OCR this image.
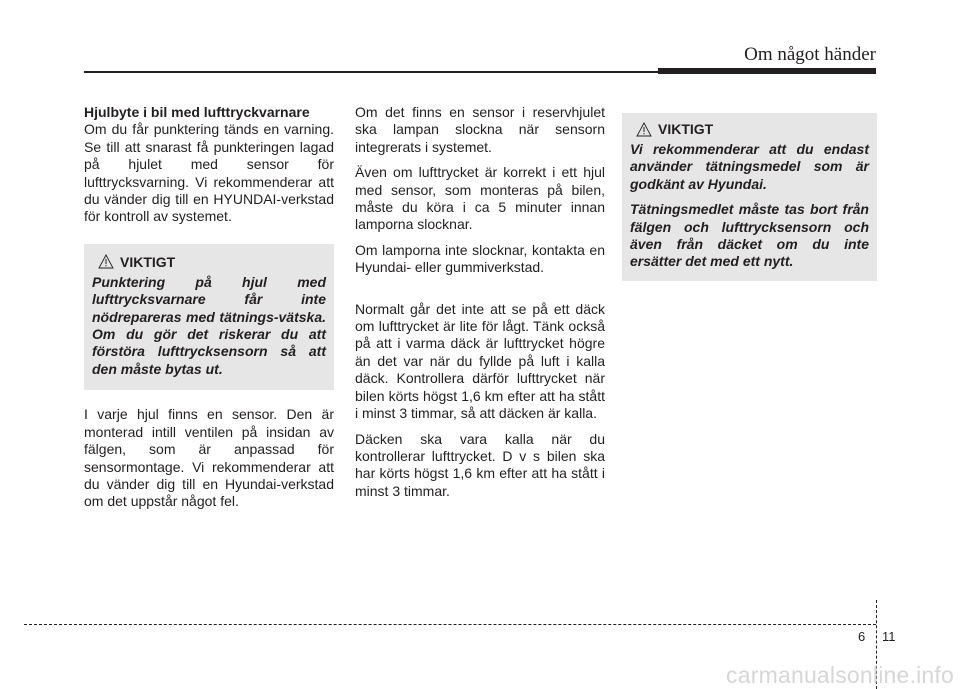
Om något händer

Hjulbyte i bil med lufttryckvarnare

Om du får punktering tänds en varning. Se till att snarast få punkteringen lagad på hjulet med sensor för lufttrycksvarning. Vi rekommenderar att du vänder dig till en HYUNDAI-verkstad för kontroll av systemet.

VIKTIGT

Punktering på hjul med lufttrycksvarnare får inte nödrepareras med tätnings-vätska. Om du gör det riskerar du att förstöra lufttrycksensorn så att den måste bytas ut.

I varje hjul finns en sensor. Den är monterad intill ventilen på insidan av fälgen, som är anpassad för sensormontage. Vi rekommenderar att du vänder dig till en Hyundai-verkstad om det uppstår något fel.

Om det finns en sensor i reservhjulet ska lampan slockna när sensorn integrerats i systemet.

Även om lufttrycket är korrekt i ett hjul med sensor, som monteras på bilen, måste du köra i ca 5 minuter innan lamporna slocknar.

Om lamporna inte slocknar, kontakta en Hyundai- eller gummiverkstad.

Normalt går det inte att se på ett däck om lufttrycket är lite för lågt. Tänk också på att i varma däck är lufttrycket högre än det var när du fyllde på luft i kalla däck. Kontrollera därför lufttrycket när bilen körts högst 1,6 km efter att ha stått i minst 3 timmar, så att däcken är kalla.

Däcken ska vara kalla när du kontrollerar lufttrycket. D v s bilen ska har körts högst 1,6 km efter att ha stått i minst 3 timmar.

VIKTIGT

Vi rekommenderar att du endast använder tätningsmedel som är godkänt av Hyundai.

Tätningsmedlet måste tas bort från fälgen och lufttrycksensorn och även från däcket om du inte ersätter det med ett nytt.

6 11
carmanualsonline.info
